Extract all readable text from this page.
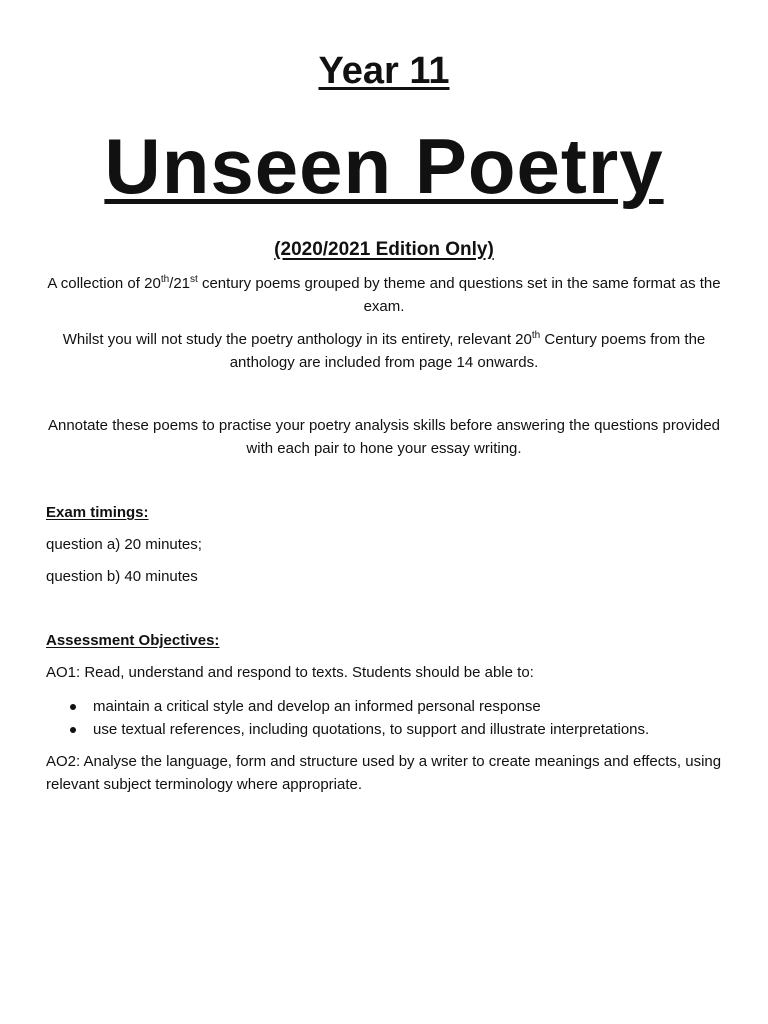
Year 11
Unseen Poetry
(2020/2021 Edition Only)
A collection of 20th/21st century poems grouped by theme and questions set in the same format as the exam.
Whilst you will not study the poetry anthology in its entirety, relevant 20th Century poems from the anthology are included from page 14 onwards.
Annotate these poems to practise your poetry analysis skills before answering the questions provided with each pair to hone your essay writing.
Exam timings:
question a) 20 minutes;
question b) 40 minutes
Assessment Objectives:
AO1: Read, understand and respond to texts. Students should be able to:
maintain a critical style and develop an informed personal response
use textual references, including quotations, to support and illustrate interpretations.
AO2: Analyse the language, form and structure used by a writer to create meanings and effects, using relevant subject terminology where appropriate.
